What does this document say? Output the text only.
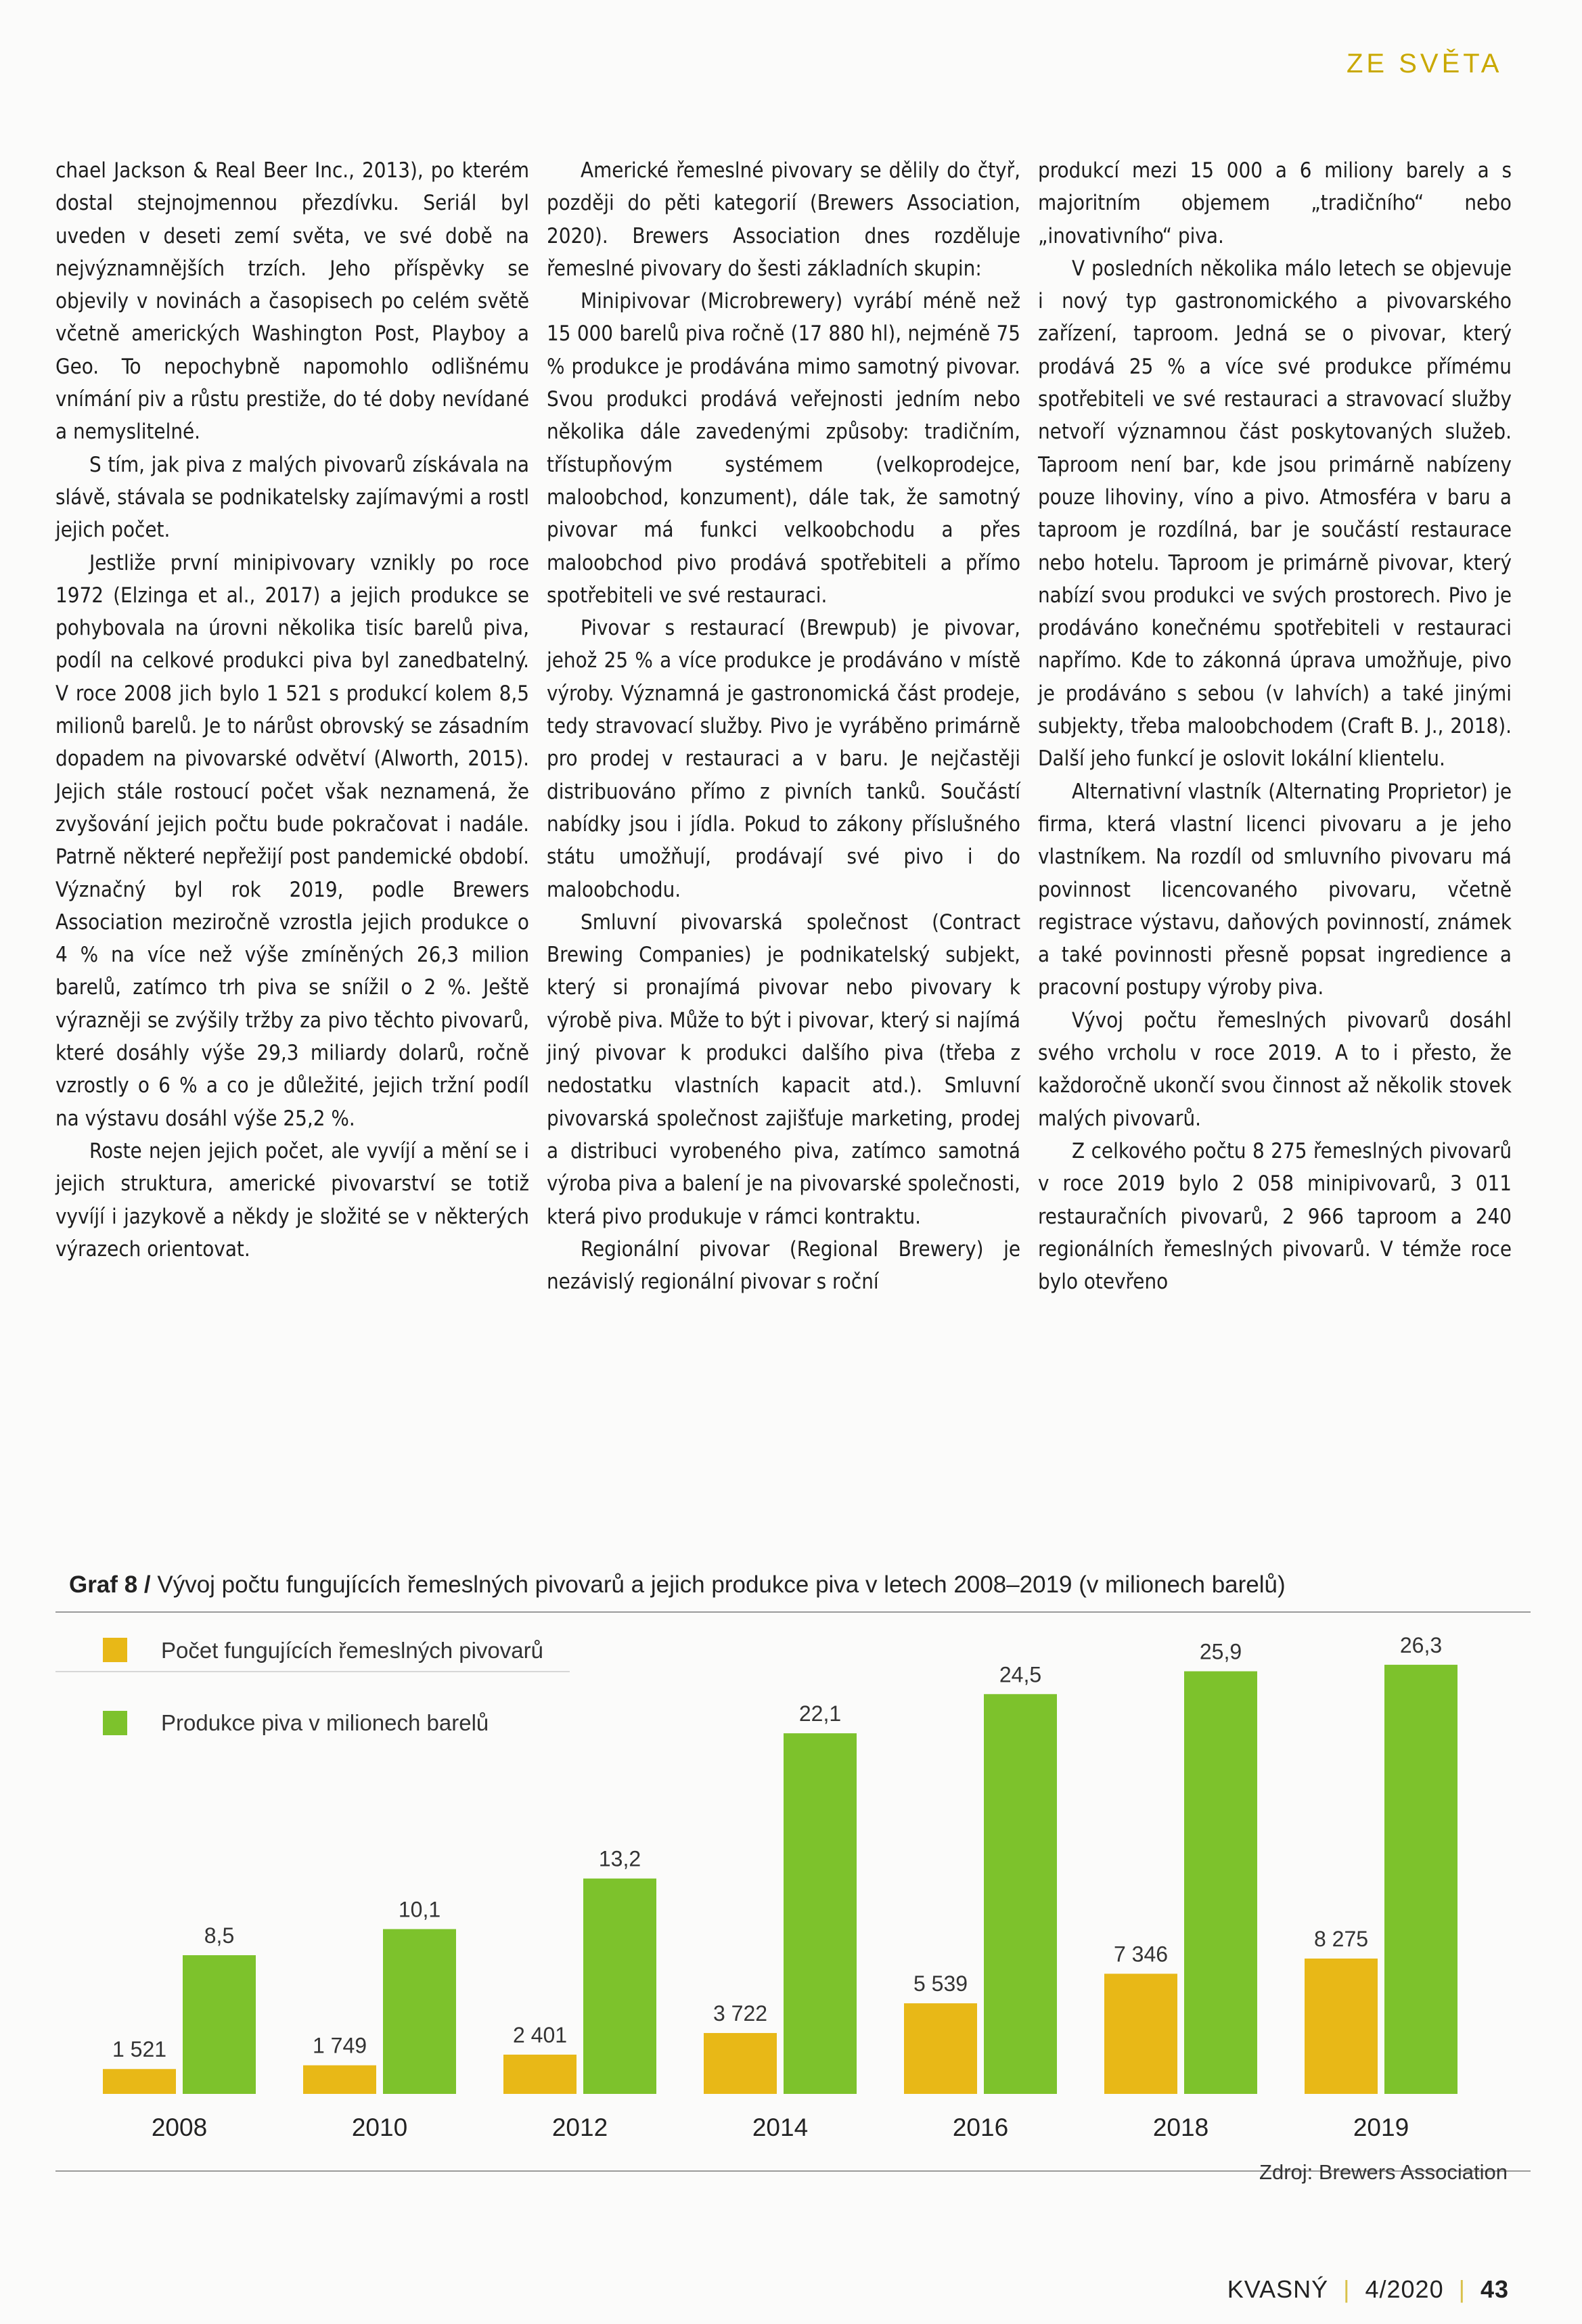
ZE SVĚTA

chael Jackson & Real Beer Inc., 2013), po kterém dostal stejnojmennou přezdívku. Seriál byl uveden v deseti zemí světa, ve své době na nejvýznamnějších trzích. Jeho příspěvky se objevily v novinách a časopisech po celém světě včetně amerických Washington Post, Playboy a Geo. To nepochybně napomohlo odlišnému vnímání piv a růstu prestiže, do té doby nevídané a nemyslitelné.

S tím, jak piva z malých pivovarů získávala na slávě, stávala se podnikatelsky zajímavými a rostl jejich počet.

Jestliže první minipivovary vznikly po roce 1972 (Elzinga et al., 2017) a jejich produkce se pohybovala na úrovni několika tisíc barelů piva, podíl na celkové produkci piva byl zanedbatelný. V roce 2008 jich bylo 1 521 s produkcí kolem 8,5 milionů barelů. Je to nárůst obrovský se zásadním dopadem na pivovarské odvětví (Alworth, 2015). Jejich stále rostoucí počet však neznamená, že zvyšování jejich počtu bude pokračovat i nadále. Patrně některé nepřežijí post pandemické období. Význačný byl rok 2019, podle Brewers Association meziročně vzrostla jejich produkce o 4 % na více než výše zmíněných 26,3 milion barelů, zatímco trh piva se snížil o 2 %. Ještě výrazněji se zvýšily tržby za pivo těchto pivovarů, které dosáhly výše 29,3 miliardy dolarů, ročně vzrostly o 6 % a co je důležité, jejich tržní podíl na výstavu dosáhl výše 25,2 %.

Roste nejen jejich počet, ale vyvíjí a mění se i jejich struktura, americké pivovarství se totiž vyvíjí i jazykově a někdy je složité se v některých výrazech orientovat.

Americké řemeslné pivovary se dělily do čtyř, později do pěti kategorií (Brewers Association, 2020). Brewers Association dnes rozděluje řemeslné pivovary do šesti základních skupin:

Minipivovar (Microbrewery) vyrábí méně než 15 000 barelů piva ročně (17 880 hl), nejméně 75 % produkce je prodávána mimo samotný pivovar. Svou produkci prodává veřejnosti jedním nebo několika dále zavedenými způsoby: tradičním, třístupňovým systémem (velkoprodejce, maloobchod, konzument), dále tak, že samotný pivovar má funkci velkoobchodu a přes maloobchod pivo prodává spotřebiteli a přímo spotřebiteli ve své restauraci.

Pivovar s restaurací (Brewpub) je pivovar, jehož 25 % a více produkce je prodáváno v místě výroby. Významná je gastronomická část prodeje, tedy stravovací služby. Pivo je vyráběno primárně pro prodej v restauraci a v baru. Je nejčastěji distribuováno přímo z pivních tanků. Součástí nabídky jsou i jídla. Pokud to zákony příslušného státu umožňují, prodávají své pivo i do maloobchodu.

Smluvní pivovarská společnost (Contract Brewing Companies) je podnikatelský subjekt, který si pronajímá pivovar nebo pivovary k výrobě piva. Může to být i pivovar, který si najímá jiný pivovar k produkci dalšího piva (třeba z nedostatku vlastních kapacit atd.). Smluvní pivovarská společnost zajišťuje marketing, prodej a distribuci vyrobeného piva, zatímco samotná výroba piva a balení je na pivovarské společnosti, která pivo produkuje v rámci kontraktu.

Regionální pivovar (Regional Brewery) je nezávislý regionální pivovar s roční

produkcí mezi 15 000 a 6 miliony barely a s majoritním objemem „tradičního“ nebo „inovativního“ piva.

V posledních několika málo letech se objevuje i nový typ gastronomického a pivovarského zařízení, taproom. Jedná se o pivovar, který prodává 25 % a více své produkce přímému spotřebiteli ve své restauraci a stravovací služby netvoří významnou část poskytovaných služeb. Taproom není bar, kde jsou primárně nabízeny pouze lihoviny, víno a pivo. Atmosféra v baru a taproom je rozdílná, bar je součástí restaurace nebo hotelu. Taproom je primárně pivovar, který nabízí svou produkci ve svých prostorech. Pivo je prodáváno konečnému spotřebiteli v restauraci napřímo. Kde to zákonná úprava umožňuje, pivo je prodáváno s sebou (v lahvích) a také jinými subjekty, třeba maloobchodem (Craft B. J., 2018). Další jeho funkcí je oslovit lokální klientelu.

Alternativní vlastník (Alternating Proprietor) je firma, která vlastní licenci pivovaru a je jeho vlastníkem. Na rozdíl od smluvního pivovaru má povinnost licencovaného pivovaru, včetně registrace výstavu, daňových povinností, známek a také povinnosti přesně popsat ingredience a pracovní postupy výroby piva.

Vývoj počtu řemeslných pivovarů dosáhl svého vrcholu v roce 2019. A to i přesto, že každoročně ukončí svou činnost až několik stovek malých pivovarů.

Z celkového počtu 8 275 řemeslných pivovarů v roce 2019 bylo 2 058 minipivovarů, 3 011 restauračních pivovarů, 2 966 taproom a 240 regionálních řemeslných pivovarů. V témže roce bylo otevřeno

Graf 8 / Vývoj počtu fungujících řemeslných pivovarů a jejich produkce piva v letech 2008–2019 (v milionech barelů)
Počet fungujících řemeslných pivovarů
Produkce piva v milionech barelů
1 521
8,5
2008
1 749
10,1
2010
2 401
13,2
2012
3 722
22,1
2014
5 539
24,5
2016
7 346
25,9
2018
8 275
26,3
2019
Zdroj: Brewers Association
KVASNÝ | 4/2020 | 43
